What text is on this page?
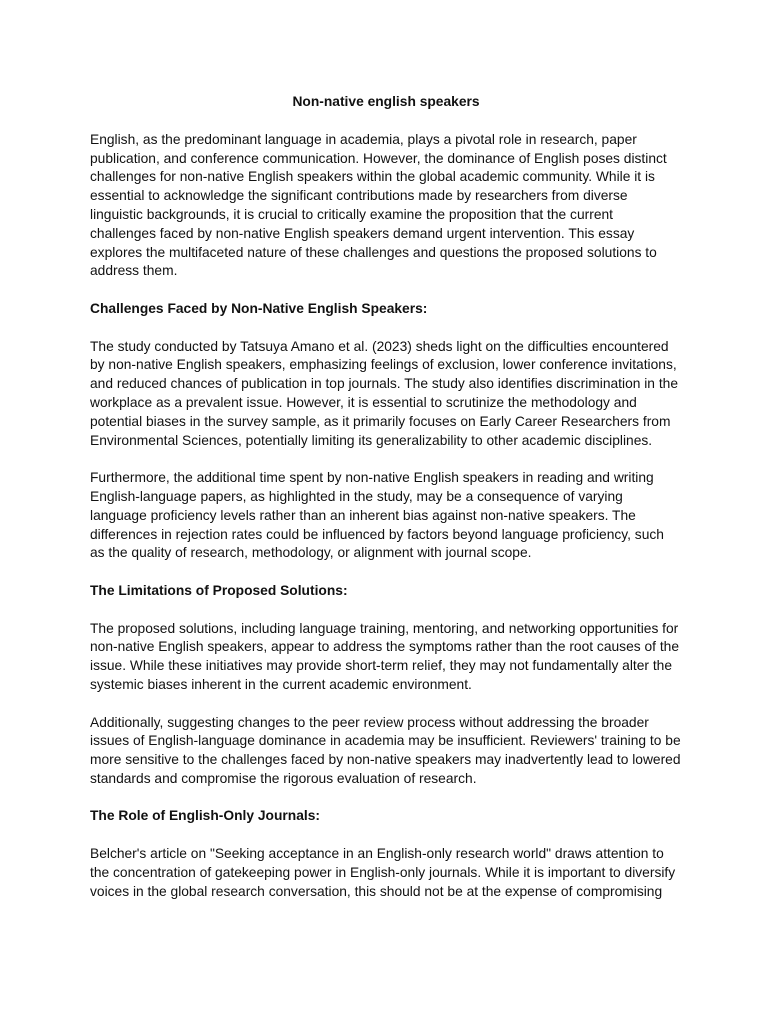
Non-native english speakers

English, as the predominant language in academia, plays a pivotal role in research, paper publication, and conference communication. However, the dominance of English poses distinct challenges for non-native English speakers within the global academic community. While it is essential to acknowledge the significant contributions made by researchers from diverse linguistic backgrounds, it is crucial to critically examine the proposition that the current challenges faced by non-native English speakers demand urgent intervention. This essay explores the multifaceted nature of these challenges and questions the proposed solutions to address them.

Challenges Faced by Non-Native English Speakers:

The study conducted by Tatsuya Amano et al. (2023) sheds light on the difficulties encountered by non-native English speakers, emphasizing feelings of exclusion, lower conference invitations, and reduced chances of publication in top journals. The study also identifies discrimination in the workplace as a prevalent issue. However, it is essential to scrutinize the methodology and potential biases in the survey sample, as it primarily focuses on Early Career Researchers from Environmental Sciences, potentially limiting its generalizability to other academic disciplines.

Furthermore, the additional time spent by non-native English speakers in reading and writing English-language papers, as highlighted in the study, may be a consequence of varying language proficiency levels rather than an inherent bias against non-native speakers. The differences in rejection rates could be influenced by factors beyond language proficiency, such as the quality of research, methodology, or alignment with journal scope.

The Limitations of Proposed Solutions:

The proposed solutions, including language training, mentoring, and networking opportunities for non-native English speakers, appear to address the symptoms rather than the root causes of the issue. While these initiatives may provide short-term relief, they may not fundamentally alter the systemic biases inherent in the current academic environment.

Additionally, suggesting changes to the peer review process without addressing the broader issues of English-language dominance in academia may be insufficient. Reviewers' training to be more sensitive to the challenges faced by non-native speakers may inadvertently lead to lowered standards and compromise the rigorous evaluation of research.

The Role of English-Only Journals:

Belcher's article on "Seeking acceptance in an English-only research world" draws attention to the concentration of gatekeeping power in English-only journals. While it is important to diversify voices in the global research conversation, this should not be at the expense of compromising
